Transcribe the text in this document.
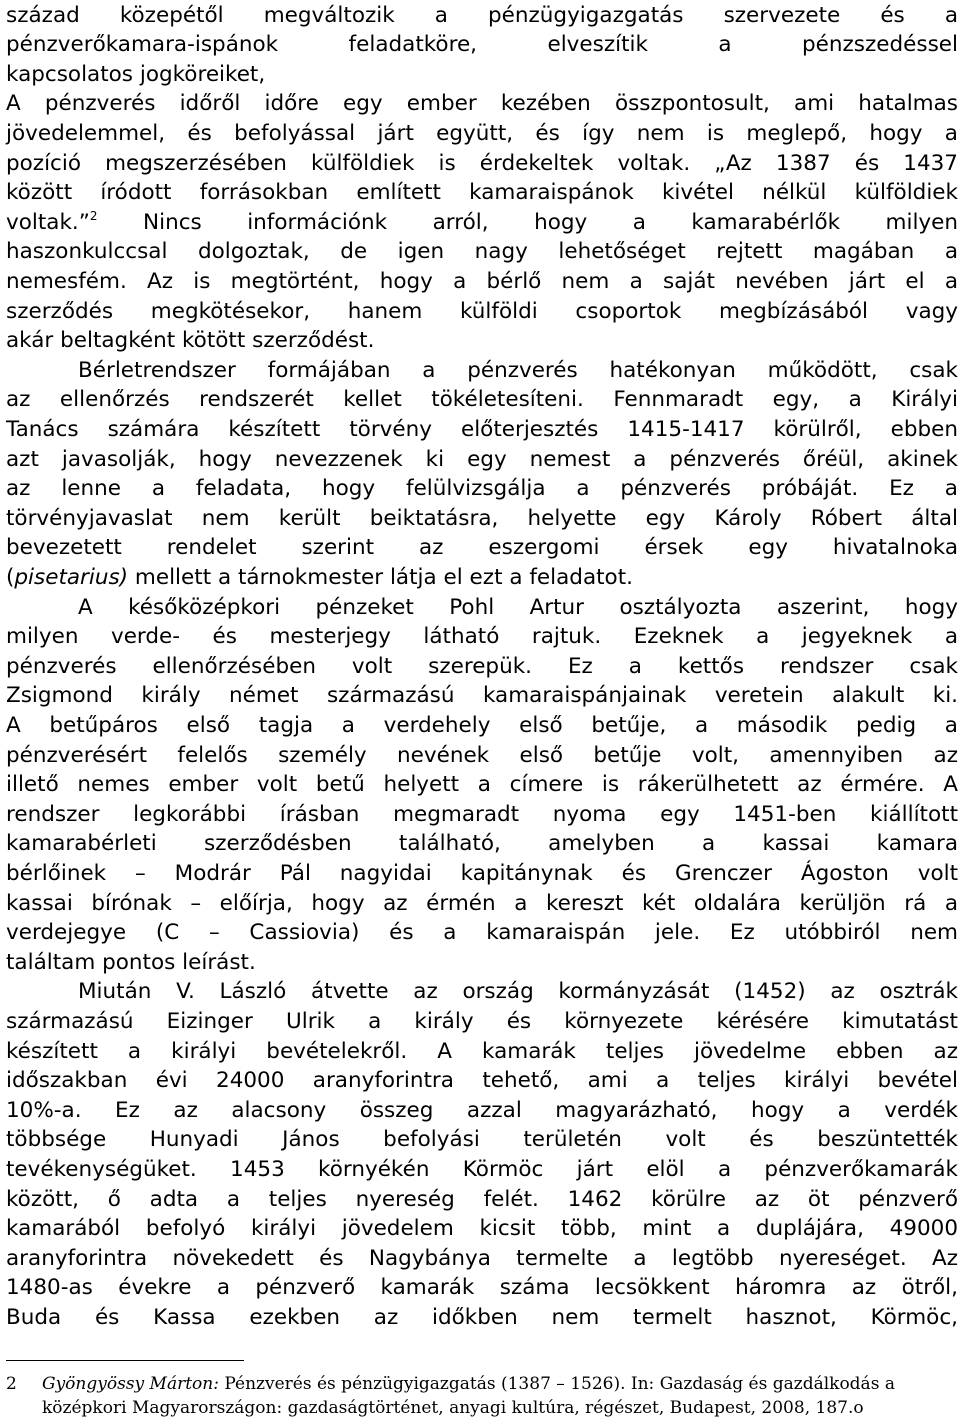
század közepétől megváltozik a pénzügyigazgatás szervezete és a
pénzverőkamara-ispánok feladatköre, elveszítik a pénzszedéssel
kapcsolatos jogköreiket,
A pénzverés időről időre egy ember kezében összpontosult, ami hatalmas
jövedelemmel, és befolyással járt együtt, és így nem is meglepő, hogy a
pozíció megszerzésében külföldiek is érdekeltek voltak. „Az 1387 és 1437
között íródott forrásokban említett kamaraispánok kivétel nélkül külföldiek
voltak.”$^2$ Nincs információnk arról, hogy a kamarabérlők milyen
haszonkulccsal dolgoztak, de igen nagy lehetőséget rejtett magában a
nemesfém. Az is megtörtént, hogy a bérlő nem a saját nevében járt el a
szerződés megkötésekor, hanem külföldi csoportok megbízásából vagy
akár beltagként kötött szerződést.
Bérletrendszer formájában a pénzverés hatékonyan működött, csak
az ellenőrzés rendszerét kellet tökéletesíteni. Fennmaradt egy, a Királyi
Tanács számára készített törvény előterjesztés 1415-1417 körülről, ebben
azt javasolják, hogy nevezzenek ki egy nemest a pénzverés őréül, akinek
az lenne a feladata, hogy felülvizsgálja a pénzverés próbáját. Ez a
törvényjavaslat nem került beiktatásra, helyette egy Károly Róbert által
bevezetett rendelet szerint az eszergomi érsek egy hivatalnoka
(pisetarius) mellett a tárnokmester látja el ezt a feladatot.
A későközépkori pénzeket Pohl Artur osztályozta aszerint, hogy
milyen verde- és mesterjegy látható rajtuk. Ezeknek a jegyeknek a
pénzverés ellenőrzésében volt szerepük. Ez a kettős rendszer csak
Zsigmond király német származású kamaraispánjainak veretein alakult ki.
A betűpáros első tagja a verdehely első betűje, a második pedig a
pénzverésért felelős személy nevének első betűje volt, amennyiben az
illető nemes ember volt betű helyett a címere is rákerülhetett az érmére. A
rendszer legkorábbi írásban megmaradt nyoma egy 1451-ben kiállított
kamarabérleti szerződésben található, amelyben a kassai kamara
bérlőinek – Modrár Pál nagyidai kapitánynak és Grenczer Ágoston volt
kassai bírónak – előírja, hogy az érmén a kereszt két oldalára kerüljön rá a
verdejegye (C – Cassiovia) és a kamaraispán jele. Ez utóbbiról nem
találtam pontos leírást.
Miután V. László átvette az ország kormányzását (1452) az osztrák
származású Eizinger Ulrik a király és környezete kérésére kimutatást
készített a királyi bevételekről. A kamarák teljes jövedelme ebben az
időszakban évi 24000 aranyforintra tehető, ami a teljes királyi bevétel
10%-a. Ez az alacsony összeg azzal magyarázható, hogy a verdék
többsége Hunyadi János befolyási területén volt és beszüntették
tevékenységüket. 1453 környékén Körmöc járt elöl a pénzverőkamarák
között, ő adta a teljes nyereség felét. 1462 körülre az öt pénzverő
kamarából befolyó királyi jövedelem kicsit több, mint a duplájára, 49000
aranyforintra növekedett és Nagybánya termelte a legtöbb nyereséget. Az
1480-as évekre a pénzverő kamarák száma lecsökkent háromra az ötről,
Buda és Kassa ezekben az időkben nem termelt hasznot, Körmöc,
2 Gyöngyössy Márton: Pénzverés és pénzügyigazgatás (1387 – 1526). In: Gazdaság és gazdálkodás a
középkori Magyarországon: gazdaságtörténet, anyagi kultúra, régészet, Budapest, 2008, 187.o
